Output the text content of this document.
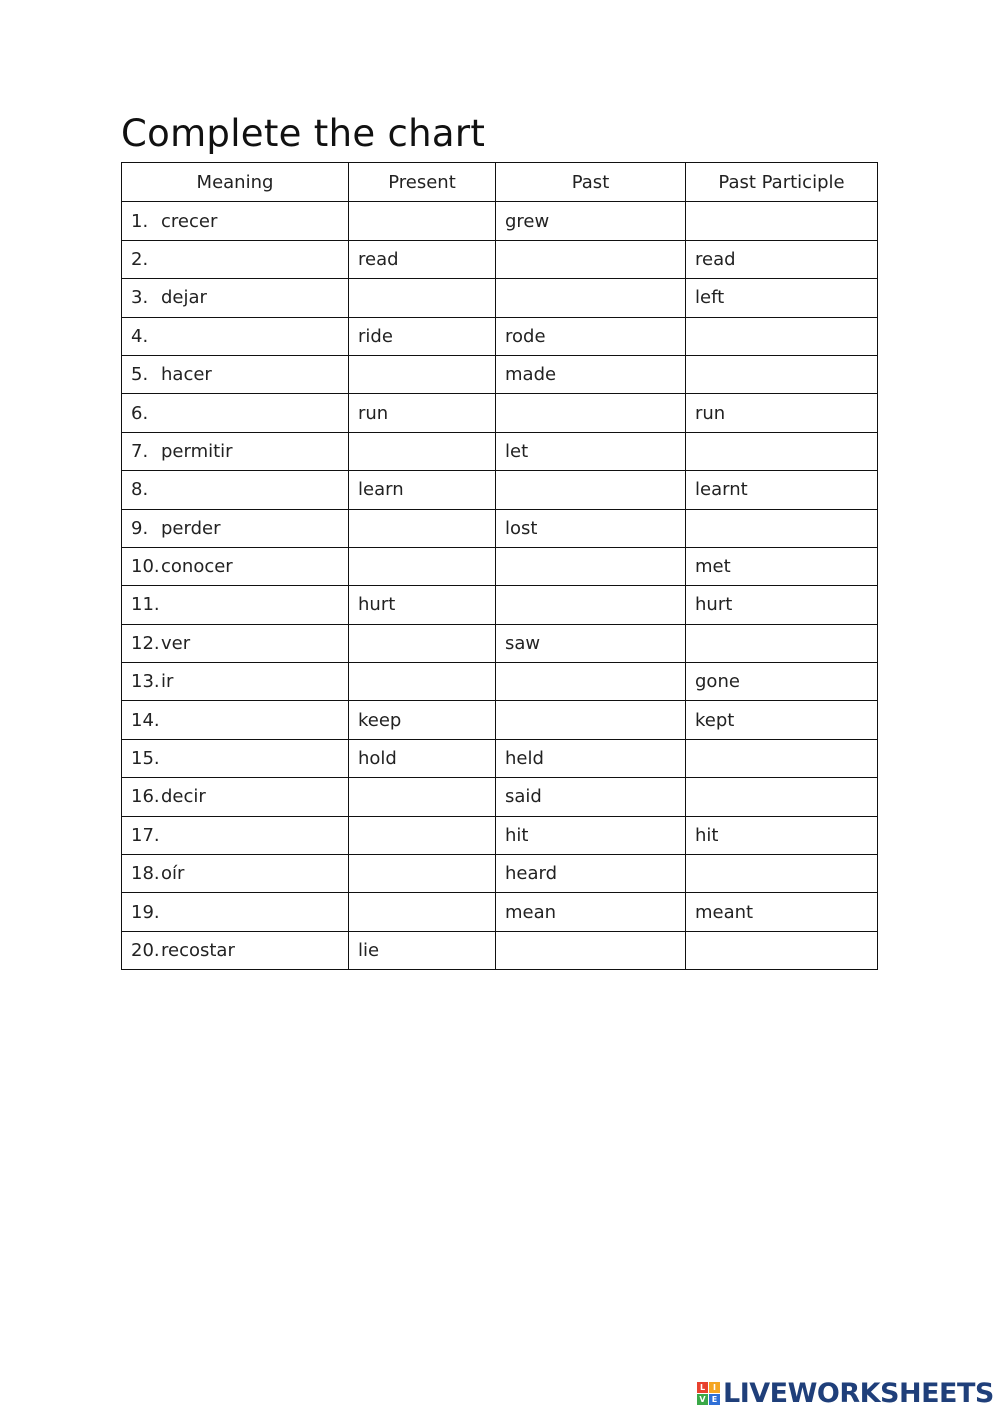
Complete the chart
Meaning	Present	Past	Past Participle
1. crecer		grew	
2.	read		read
3. dejar			left
4.	ride	rode	
5. hacer		made	
6.	run		run
7. permitir		let	
8.	learn		learnt
9. perder		lost	
10.conocer			met
11.	hurt		hurt
12.ver		saw	
13.ir			gone
14.	keep		kept
15.	hold	held	
16.decir		said	
17.		hit	hit
18.oír		heard	
19.		mean	meant
20.recostar	lie		
L I
V E LIVEWORKSHEETS
